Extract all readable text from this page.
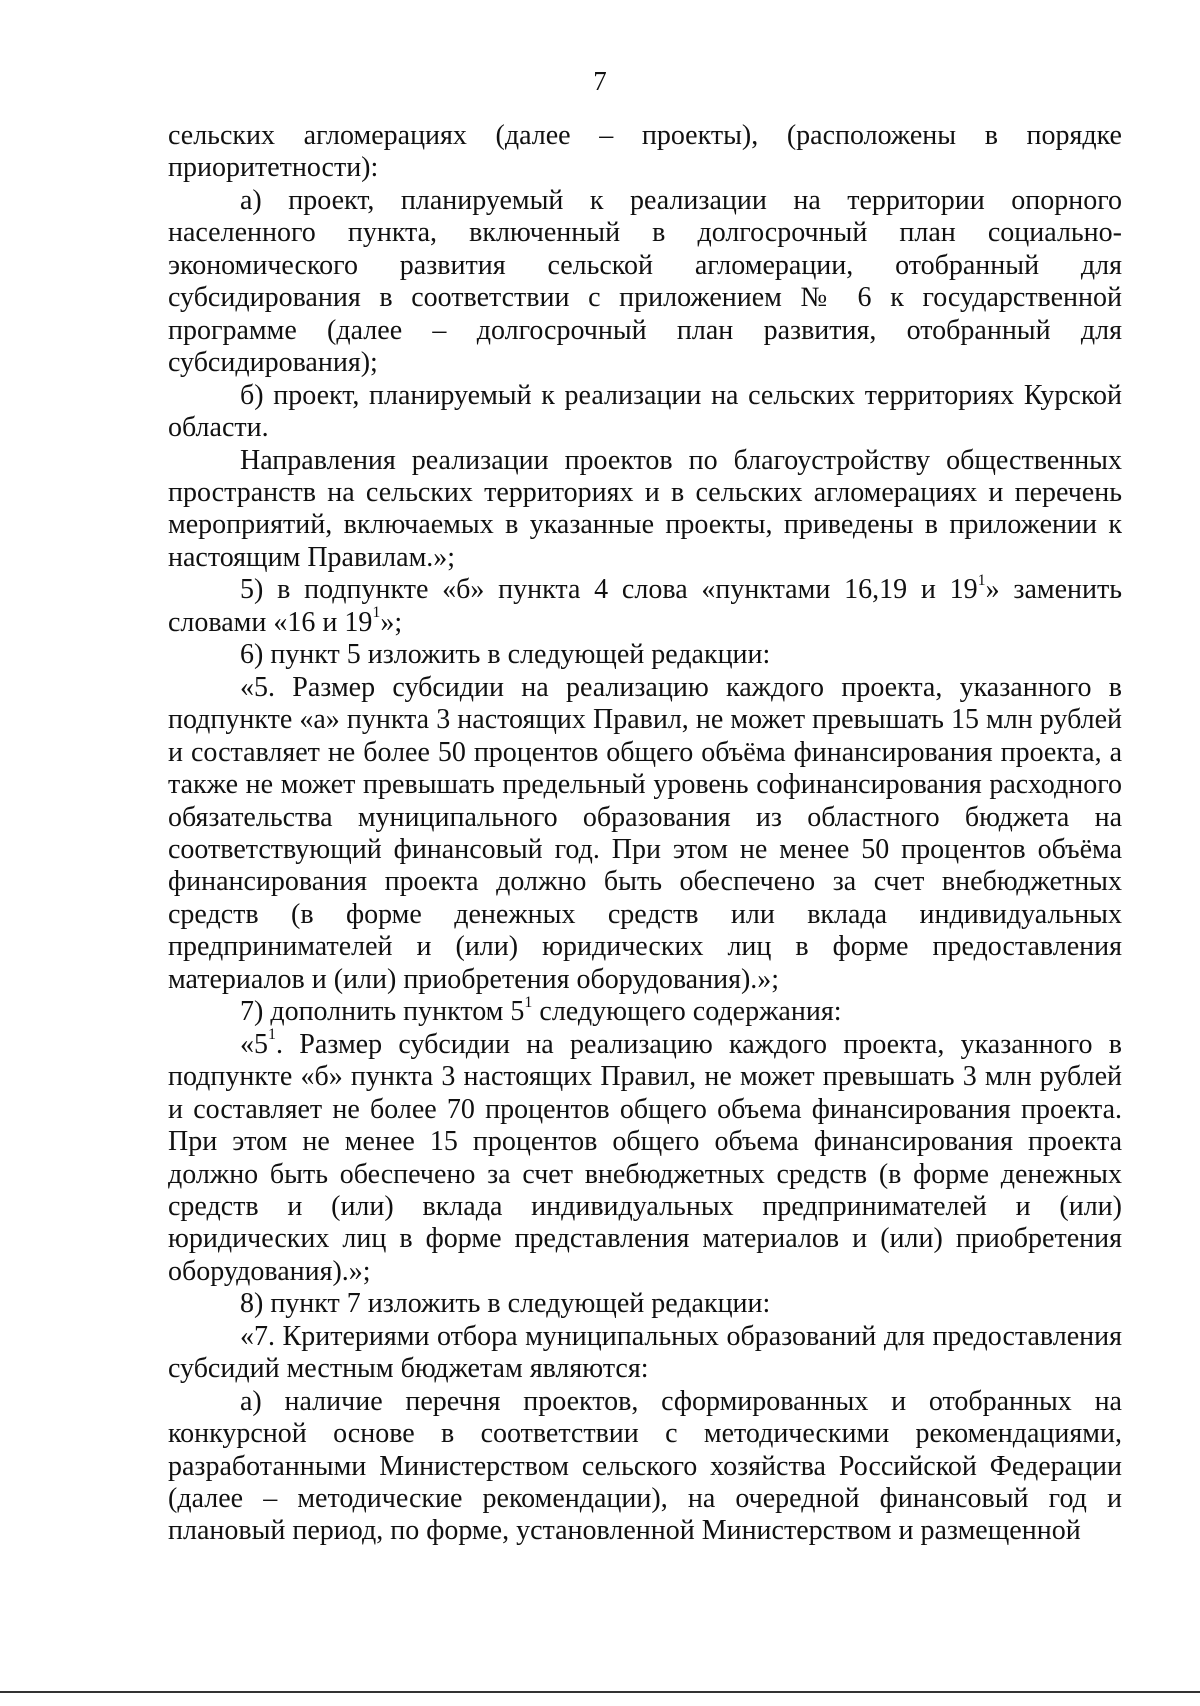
7

сельских агломерациях (далее – проекты), (расположены в порядке приоритетности):

а) проект, планируемый к реализации на территории опорного населенного пункта, включенный в долгосрочный план социально-экономического развития сельской агломерации, отобранный для субсидирования в соответствии с приложением № 6 к государственной программе (далее – долгосрочный план развития, отобранный для субсидирования);

б) проект, планируемый к реализации на сельских территориях Курской области.

Направления реализации проектов по благоустройству общественных пространств на сельских территориях и в сельских агломерациях и перечень мероприятий, включаемых в указанные проекты, приведены в приложении к настоящим Правилам.»;

5) в подпункте «б» пункта 4 слова «пунктами 16,19 и $19^1$» заменить словами «16 и $19^1$»;

6) пункт 5 изложить в следующей редакции:

«5. Размер субсидии на реализацию каждого проекта, указанного в подпункте «а» пункта 3 настоящих Правил, не может превышать 15 млн рублей и составляет не более 50 процентов общего объёма финансирования проекта, а также не может превышать предельный уровень софинансирования расходного обязательства муниципального образования из областного бюджета на соответствующий финансовый год. При этом не менее 50 процентов объёма финансирования проекта должно быть обеспечено за счет внебюджетных средств (в форме денежных средств или вклада индивидуальных предпринимателей и (или) юридических лиц в форме предоставления материалов и (или) приобретения оборудования).»;

7) дополнить пунктом $5^1$ следующего содержания:

«$5^1$. Размер субсидии на реализацию каждого проекта, указанного в подпункте «б» пункта 3 настоящих Правил, не может превышать 3 млн рублей и составляет не более 70 процентов общего объема финансирования проекта. При этом не менее 15 процентов общего объема финансирования проекта должно быть обеспечено за счет внебюджетных средств (в форме денежных средств и (или) вклада индивидуальных предпринимателей и (или) юридических лиц в форме представления материалов и (или) приобретения оборудования).»;

8) пункт 7 изложить в следующей редакции:

«7. Критериями отбора муниципальных образований для предоставления субсидий местным бюджетам являются:

а) наличие перечня проектов, сформированных и отобранных на конкурсной основе в соответствии с методическими рекомендациями, разработанными Министерством сельского хозяйства Российской Федерации (далее – методические рекомендации), на очередной финансовый год и плановый период, по форме, установленной Министерством и размещенной
